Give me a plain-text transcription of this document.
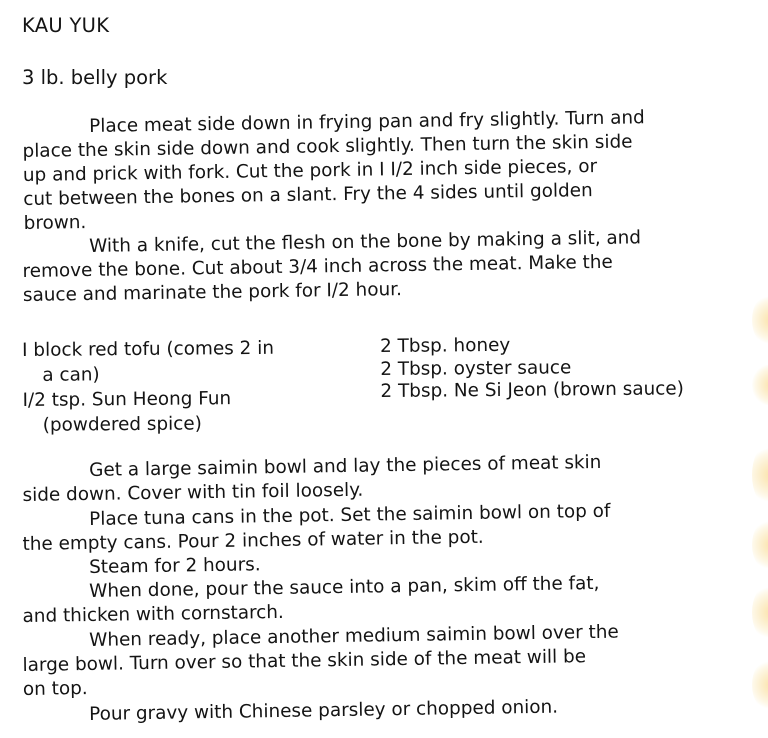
KAU YUK
3 lb. belly pork

Place meat side down in frying pan and fry slightly. Turn and
place the skin side down and cook slightly. Then turn the skin side
up and prick with fork. Cut the pork in I I/2 inch side pieces, or
cut between the bones on a slant. Fry the 4 sides until golden
brown.

With a knife, cut the flesh on the bone by making a slit, and
remove the bone. Cut about 3/4 inch across the meat. Make the
sauce and marinate the pork for I/2 hour.

I block red tofu (comes 2 in
a can)
I/2 tsp. Sun Heong Fun
(powdered spice)
2 Tbsp. honey
2 Tbsp. oyster sauce
2 Tbsp. Ne Si Jeon (brown sauce)

Get a large saimin bowl and lay the pieces of meat skin
side down. Cover with tin foil loosely.

Place tuna cans in the pot. Set the saimin bowl on top of
the empty cans. Pour 2 inches of water in the pot.

Steam for 2 hours.

When done, pour the sauce into a pan, skim off the fat,
and thicken with cornstarch.

When ready, place another medium saimin bowl over the
large bowl. Turn over so that the skin side of the meat will be
on top.

Pour gravy with Chinese parsley or chopped onion.
